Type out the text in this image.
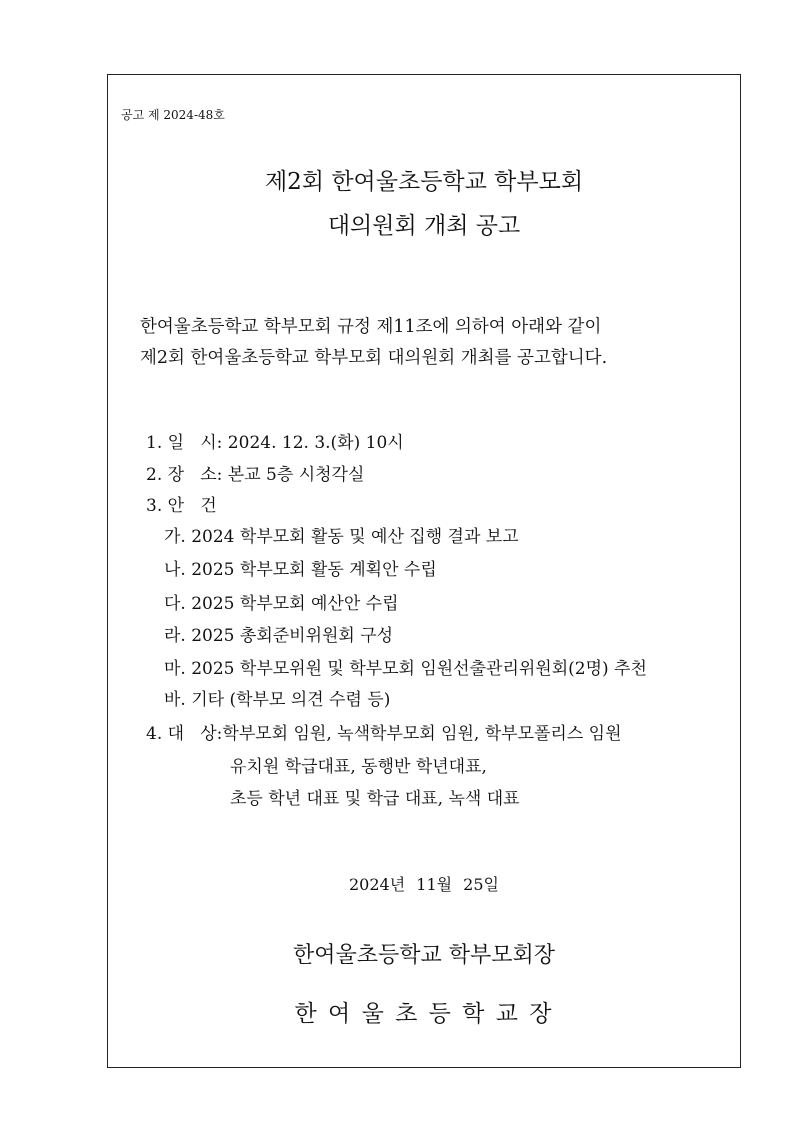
공고 제 2024-48호
제2회 한여울초등학교 학부모회
대의원회 개최 공고
한여울초등학교 학부모회 규정 제11조에 의하여 아래와 같이
제2회 한여울초등학교 학부모회 대의원회 개최를 공고합니다.
1. 일   시: 2024. 12. 3.(화) 10시
2. 장   소: 본교 5층 시청각실
3. 안   건
가. 2024 학부모회 활동 및 예산 집행 결과 보고
나. 2025 학부모회 활동 계획안 수립
다. 2025 학부모회 예산안 수립
라. 2025 총회준비위원회 구성
마. 2025 학부모위원 및 학부모회 임원선출관리위원회(2명) 추천
바. 기타 (학부모 의견 수렴 등)
4. 대   상:학부모회 임원, 녹색학부모회 임원, 학부모폴리스 임원
유치원 학급대표, 동행반 학년대표,
초등 학년 대표 및 학급 대표, 녹색 대표
2024년 11월 25일
한여울초등학교 학부모회장
한 여 울 초 등 학 교 장
